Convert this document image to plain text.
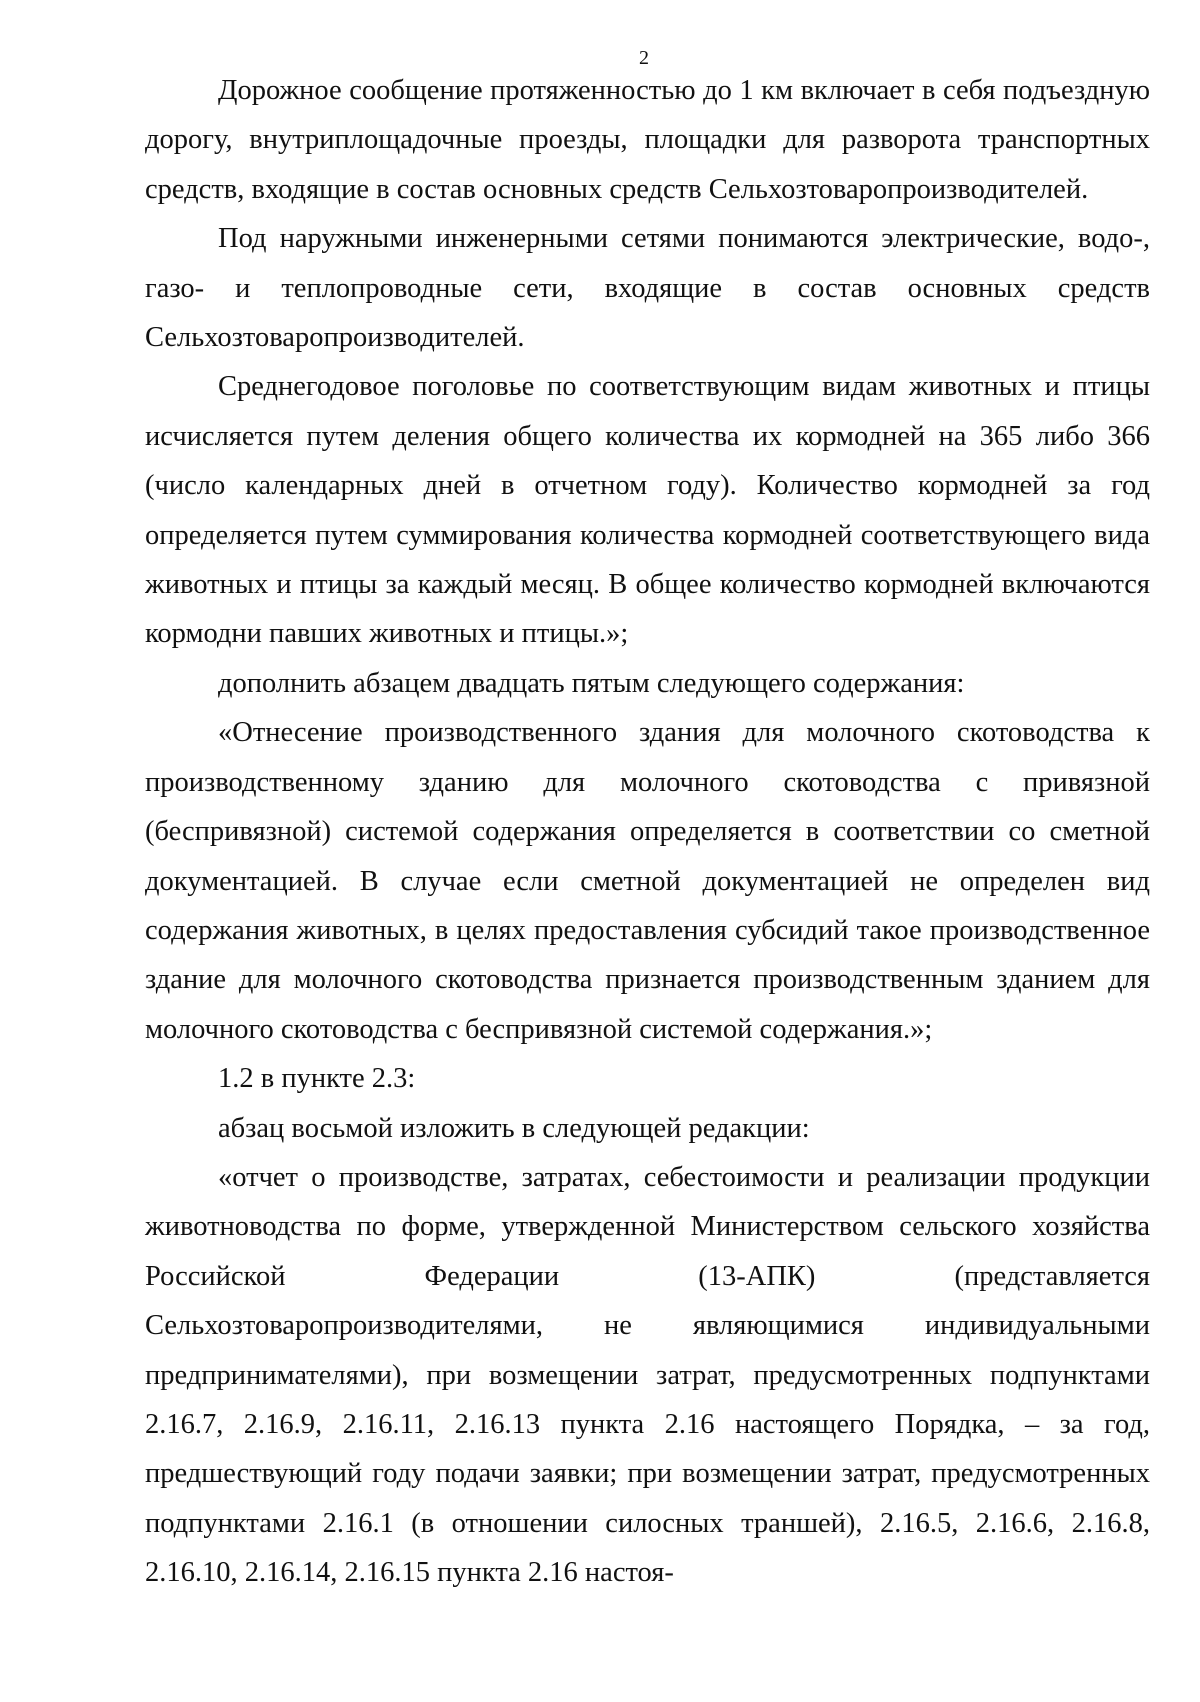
2

Дорожное сообщение протяженностью до 1 км включает в себя подъездную дорогу, внутриплощадочные проезды, площадки для разворота транспортных средств, входящие в состав основных средств Сельхозтоваропроизводителей.

Под наружными инженерными сетями понимаются электрические, водо-, газо- и теплопроводные сети, входящие в состав основных средств Сельхозтоваропроизводителей.

Среднегодовое поголовье по соответствующим видам животных и птицы исчисляется путем деления общего количества их кормодней на 365 либо 366 (число календарных дней в отчетном году). Количество кормодней за год определяется путем суммирования количества кормодней соответствующего вида животных и птицы за каждый месяц. В общее количество кормодней включаются кормодни павших животных и птицы.»;

дополнить абзацем двадцать пятым следующего содержания:

«Отнесение производственного здания для молочного скотоводства к производственному зданию для молочного скотоводства с привязной (беспривязной) системой содержания определяется в соответствии со сметной документацией. В случае если сметной документацией не определен вид содержания животных, в целях предоставления субсидий такое производственное здание для молочного скотоводства признается производственным зданием для молочного скотоводства с беспривязной системой содержания.»;

1.2 в пункте 2.3:

абзац восьмой изложить в следующей редакции:

«отчет о производстве, затратах, себестоимости и реализации продукции животноводства по форме, утвержденной Министерством сельского хозяйства Российской Федерации (13-АПК) (представляется Сельхозтоваропроизводителями, не являющимися индивидуальными предпринимателями), при возмещении затрат, предусмотренных подпунктами 2.16.7, 2.16.9, 2.16.11, 2.16.13 пункта 2.16 настоящего Порядка, – за год, предшествующий году подачи заявки; при возмещении затрат, предусмотренных подпунктами 2.16.1 (в отношении силосных траншей), 2.16.5, 2.16.6, 2.16.8, 2.16.10, 2.16.14, 2.16.15 пункта 2.16 настоя-
